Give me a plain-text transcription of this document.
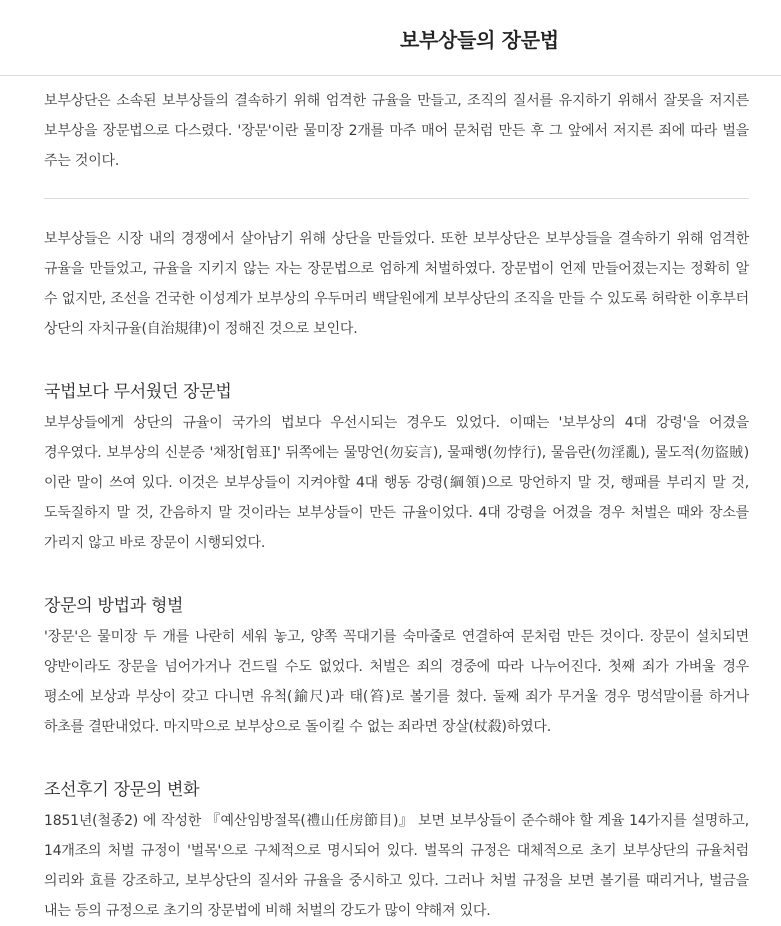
보부상들의 장문법

보부상단은 소속된 보부상들의 결속하기 위해 엄격한 규율을 만들고, 조직의 질서를 유지하기 위해서 잘못을 저지른 보부상을 장문법으로 다스렸다. '장문'이란 물미장 2개를 마주 매어 문처럼 만든 후 그 앞에서 저지른 죄에 따라 벌을 주는 것이다.

보부상들은 시장 내의 경쟁에서 살아남기 위해 상단을 만들었다. 또한 보부상단은 보부상들을 결속하기 위해 엄격한 규율을 만들었고, 규율을 지키지 않는 자는 장문법으로 엄하게 처벌하였다. 장문법이 언제 만들어졌는지는 정확히 알 수 없지만, 조선을 건국한 이성계가 보부상의 우두머리 백달원에게 보부상단의 조직을 만들 수 있도록 허락한 이후부터 상단의 자치규율(自治規律)이 정해진 것으로 보인다.

국법보다 무서웠던 장문법

보부상들에게 상단의 규율이 국가의 법보다 우선시되는 경우도 있었다. 이때는 '보부상의 4대 강령'을 어겼을 경우였다. 보부상의 신분증 '채장[험표]' 뒤쪽에는 물망언(勿妄言), 물패행(勿悖行), 물음란(勿淫亂), 물도적(勿盜賊)이란 말이 쓰여 있다. 이것은 보부상들이 지켜야할 4대 행동 강령(綱領)으로 망언하지 말 것, 행패를 부리지 말 것, 도둑질하지 말 것, 간음하지 말 것이라는 보부상들이 만든 규율이었다. 4대 강령을 어겼을 경우 처벌은 때와 장소를 가리지 않고 바로 장문이 시행되었다.

장문의 방법과 형벌

'장문'은 물미장 두 개를 나란히 세워 놓고, 양쪽 꼭대기를 숙마줄로 연결하여 문처럼 만든 것이다. 장문이 설치되면 양반이라도 장문을 넘어가거나 건드릴 수도 없었다. 처벌은 죄의 경중에 따라 나누어진다. 첫째 죄가 가벼울 경우 평소에 보상과 부상이 갖고 다니면 유척(鍮尺)과 태(笞)로 볼기를 쳤다. 둘째 죄가 무거울 경우 멍석말이를 하거나 하초를 결딴내었다. 마지막으로 보부상으로 돌이킬 수 없는 죄라면 장살(杖殺)하였다.

조선후기 장문의 변화

1851년(철종2) 에 작성한 『예산임방절목(禮山任房節目)』 보면 보부상들이 준수해야 할 계율 14가지를 설명하고, 14개조의 처벌 규정이 '벌목'으로 구체적으로 명시되어 있다. 벌목의 규정은 대체적으로 초기 보부상단의 규율처럼 의리와 효를 강조하고, 보부상단의 질서와 규율을 중시하고 있다. 그러나 처벌 규정을 보면 볼기를 때리거나, 벌금을 내는 등의 규정으로 초기의 장문법에 비해 처벌의 강도가 많이 약해져 있다.
